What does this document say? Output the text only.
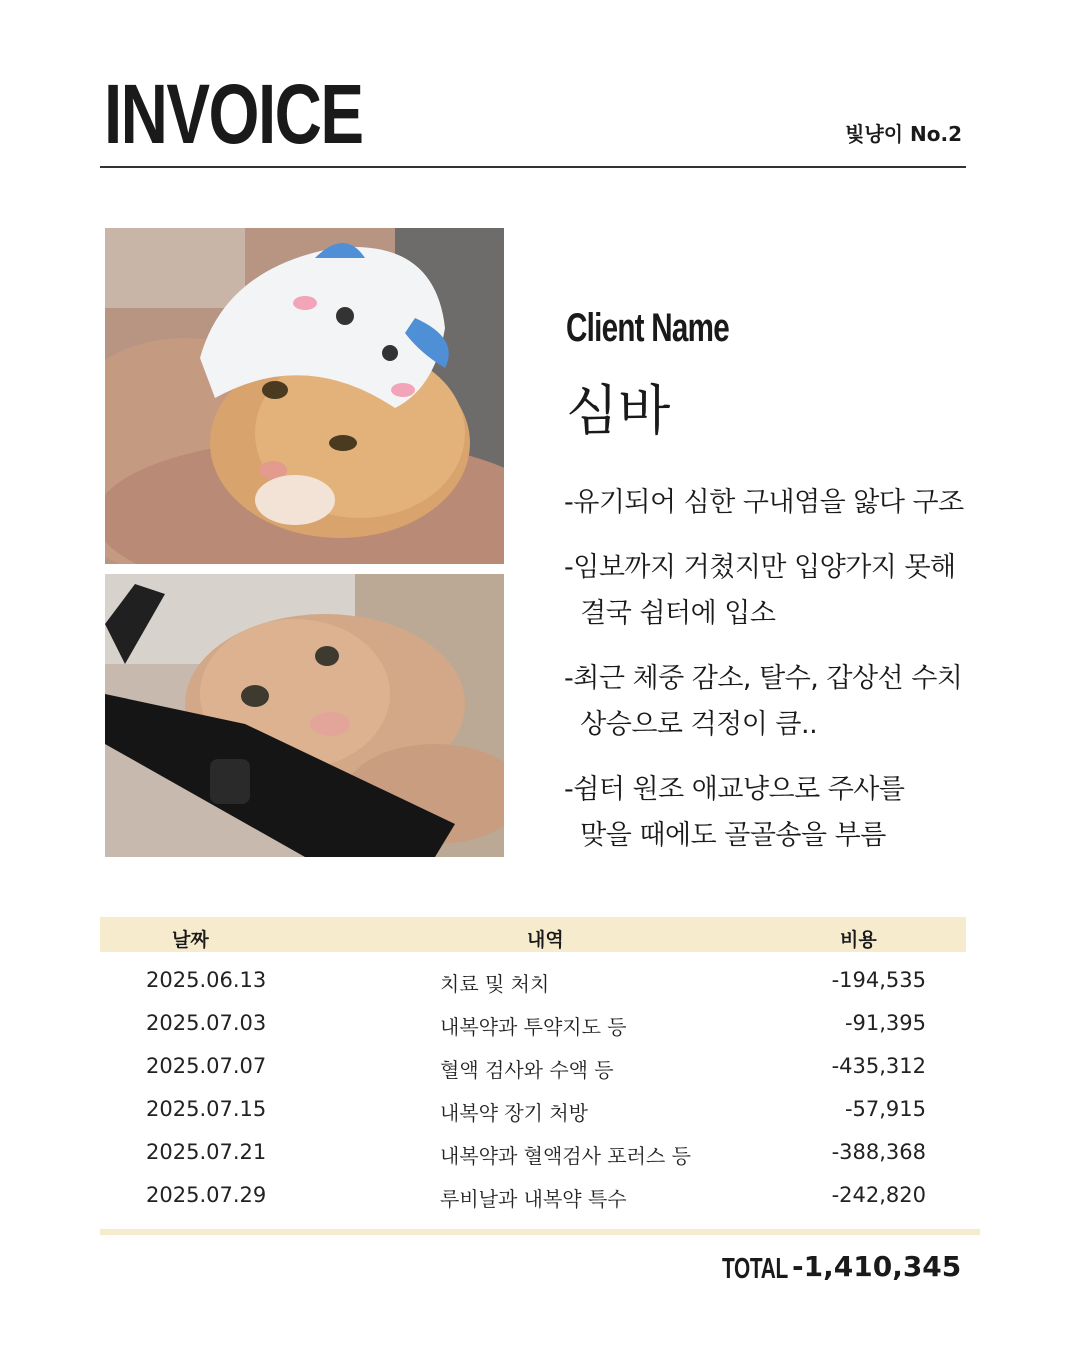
INVOICE	빛냥이 No.2
Client Name
심바
-유기되어 심한 구내염을 앓다 구조
-임보까지 거쳤지만 입양가지 못해
결국 쉼터에 입소
-최근 체중 감소, 탈수, 갑상선 수치
상승으로 걱정이 큼..
-쉼터 원조 애교냥으로 주사를
맞을 때에도 골골송을 부름
날짜	내역	비용
2025.06.13	치료 및 처치	-194,535
2025.07.03	내복약과 투약지도 등	-91,395
2025.07.07	혈액 검사와 수액 등	-435,312
2025.07.15	내복약 장기 처방	-57,915
2025.07.21	내복약과 혈액검사 포러스 등	-388,368
2025.07.29	루비날과 내복약 특수	-242,820
TOTAL -1,410,345
